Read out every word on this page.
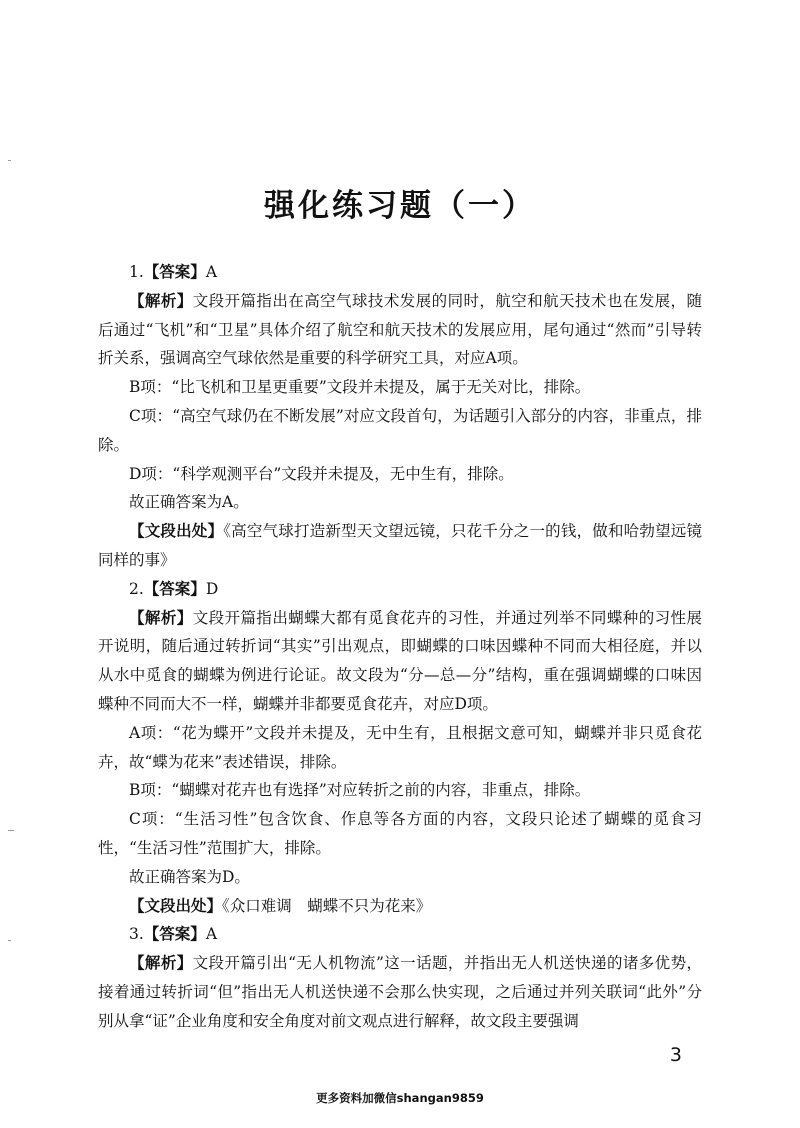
强化练习题（一）

1.【答案】A

【解析】文段开篇指出在高空气球技术发展的同时，航空和航天技术也在发展，随后通过“飞机”和“卫星”具体介绍了航空和航天技术的发展应用，尾句通过“然而”引导转折关系，强调高空气球依然是重要的科学研究工具，对应A项。

B项：“比飞机和卫星更重要”文段并未提及，属于无关对比，排除。

C项：“高空气球仍在不断发展”对应文段首句，为话题引入部分的内容，非重点，排除。

D项：“科学观测平台”文段并未提及，无中生有，排除。

故正确答案为A。

【文段出处】《高空气球打造新型天文望远镜，只花千分之一的钱，做和哈勃望远镜同样的事》

2.【答案】D

【解析】文段开篇指出蝴蝶大都有觅食花卉的习性，并通过列举不同蝶种的习性展开说明，随后通过转折词“其实”引出观点，即蝴蝶的口味因蝶种不同而大相径庭，并以从水中觅食的蝴蝶为例进行论证。故文段为“分—总—分”结构，重在强调蝴蝶的口味因蝶种不同而大不一样，蝴蝶并非都要觅食花卉，对应D项。

A项：“花为蝶开”文段并未提及，无中生有，且根据文意可知，蝴蝶并非只觅食花卉，故“蝶为花来”表述错误，排除。

B项：“蝴蝶对花卉也有选择”对应转折之前的内容，非重点，排除。

C项：“生活习性”包含饮食、作息等各方面的内容，文段只论述了蝴蝶的觅食习性，“生活习性”范围扩大，排除。

故正确答案为D。

【文段出处】《众口难调　蝴蝶不只为花来》

3.【答案】A

【解析】文段开篇引出“无人机物流”这一话题，并指出无人机送快递的诸多优势，接着通过转折词“但”指出无人机送快递不会那么快实现，之后通过并列关联词“此外”分别从拿“证”企业角度和安全角度对前文观点进行解释，故文段主要强调

3
更多资料加微信shangan9859
